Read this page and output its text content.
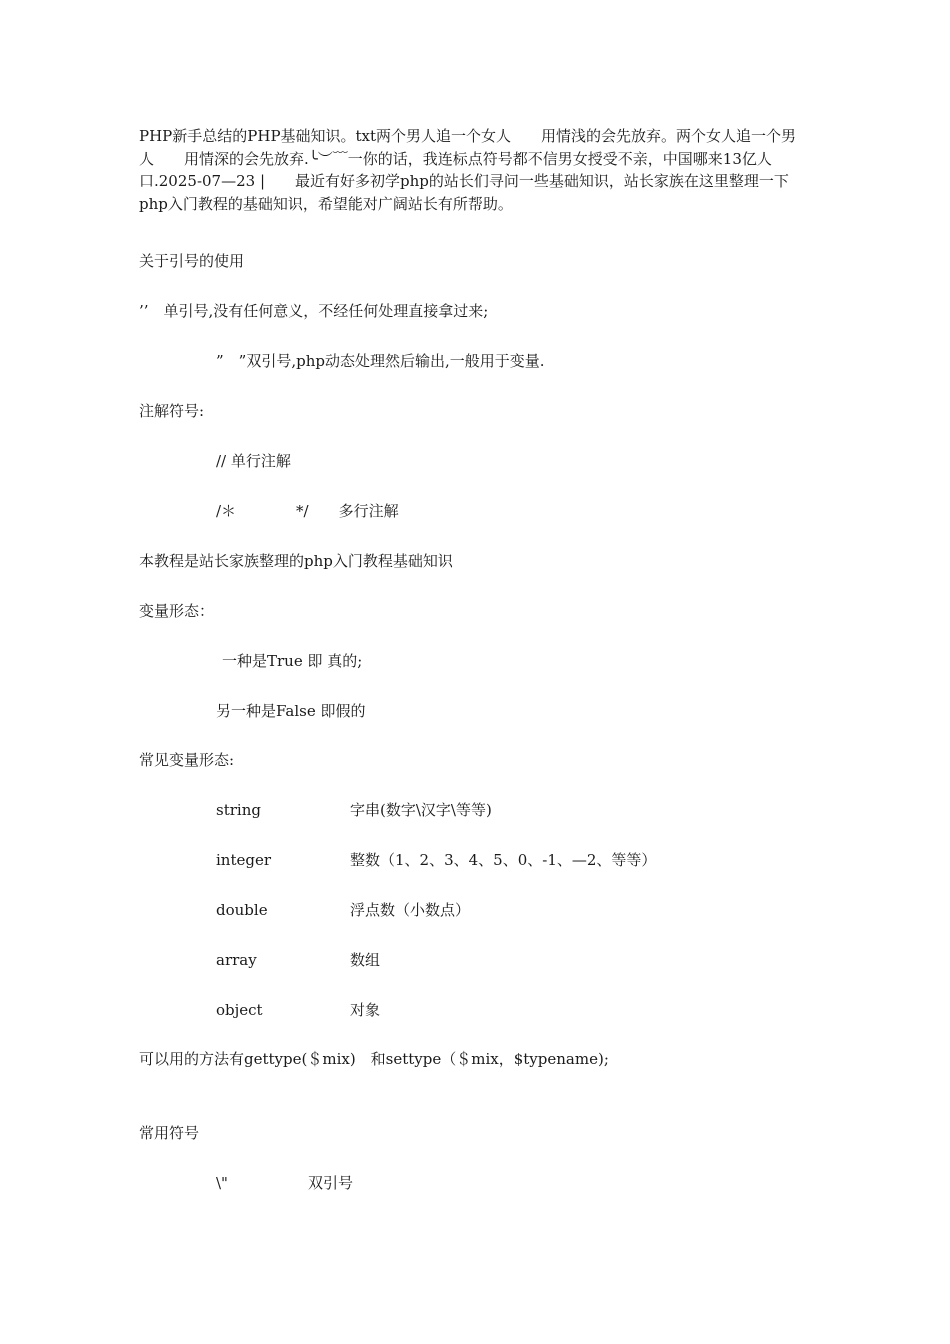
PHP新手总结的PHP基础知识。txt两个男人追一个女人　　用情浅的会先放弃。两个女人追一个男人　　用情深的会先放弃.╰︶﹋一你的话，我连标点符号都不信男女授受不亲，中国哪来13亿人口.2025-07—23 |　　最近有好多初学php的站长们寻问一些基础知识，站长家族在这里整理一下php入门教程的基础知识，希望能对广阔站长有所帮助。

关于引号的使用

’’　单引号,没有任何意义，不经任何处理直接拿过来;

”　”双引号,php动态处理然后输出,一般用于变量.

注解符号:

// 单行注解

/＊　　　　*/　　多行注解

本教程是站长家族整理的php入门教程基础知识

变量形态：

一种是True 即 真的;

另一种是False 即假的

常见变量形态:

string	字串(数字\汉字\等等)

integer	整数（1、2、3、4、5、0、-1、—2、等等）

double	浮点数（小数点）

array	数组

object	对象

可以用的方法有gettype(＄mix)　和settype（＄mix，$typename);

常用符号

\"	双引号
